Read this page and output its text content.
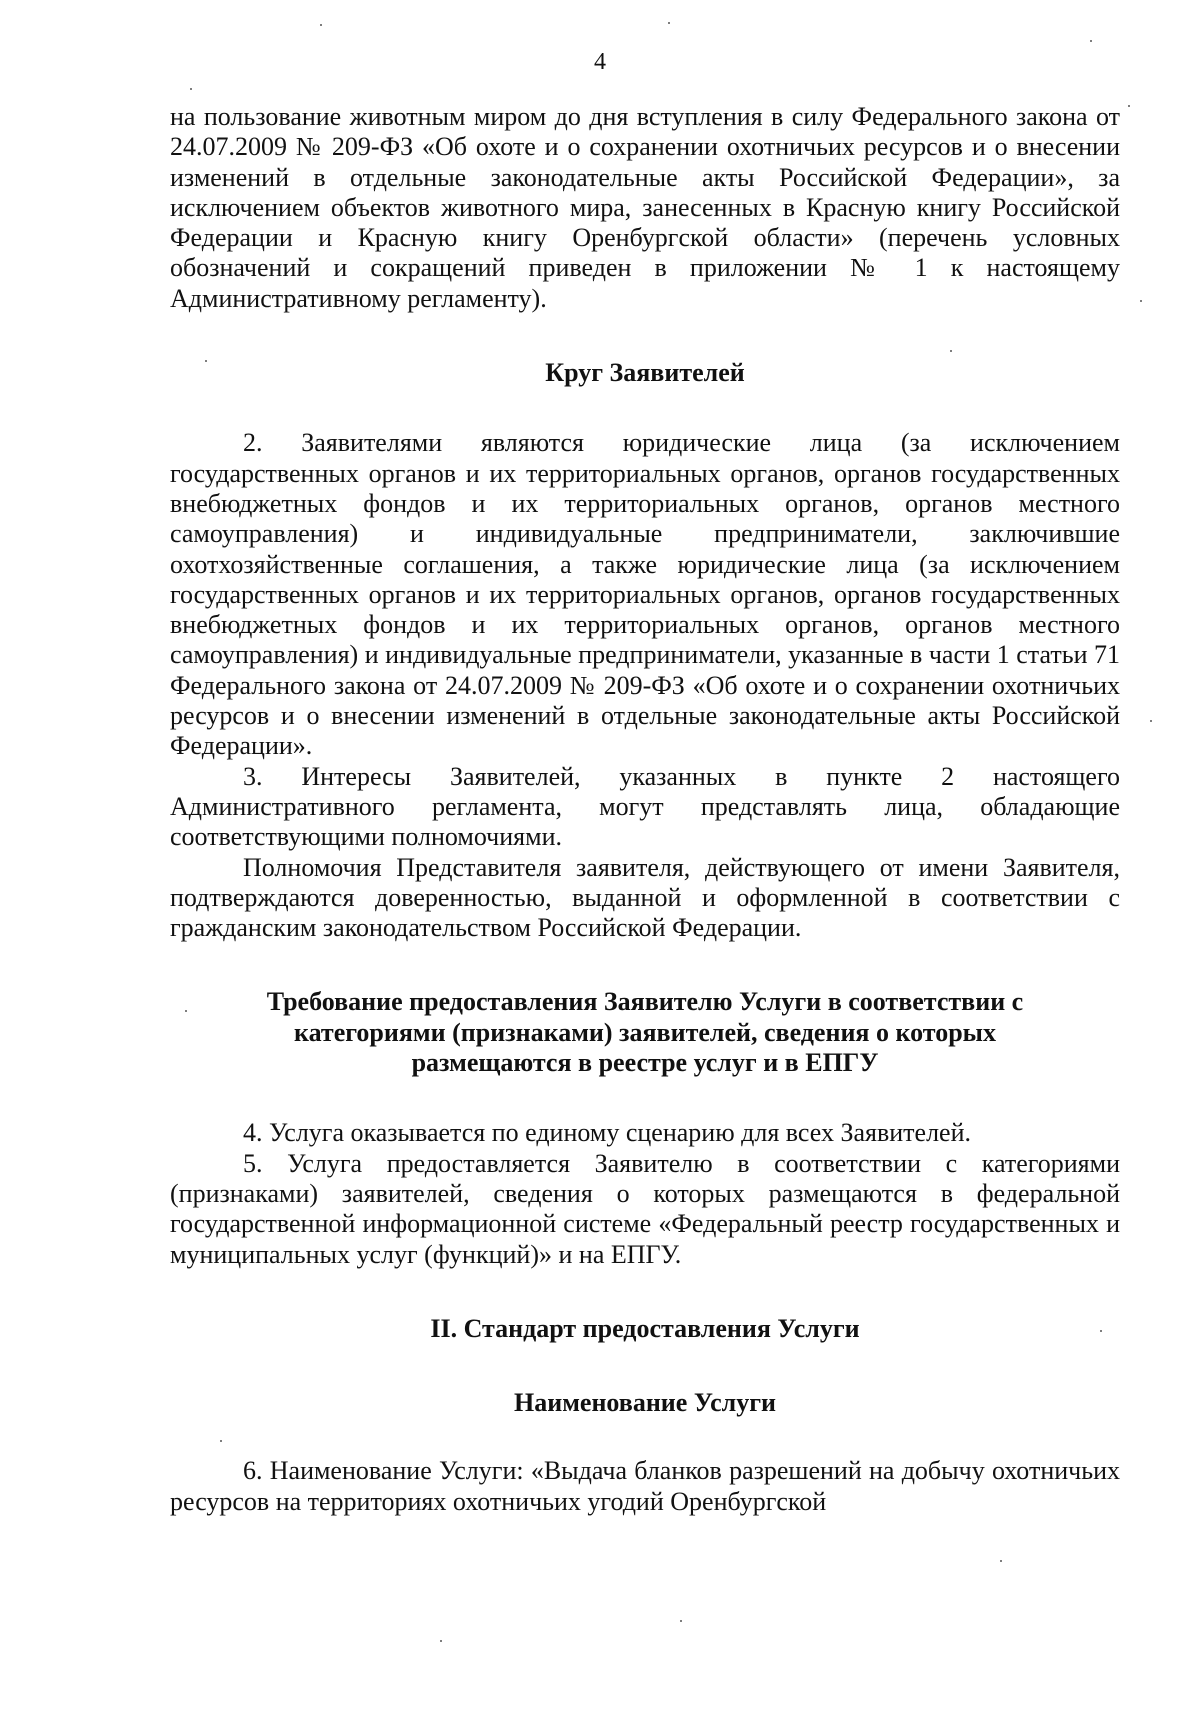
4

на пользование животным миром до дня вступления в силу Федерального закона от 24.07.2009 № 209-ФЗ «Об охоте и о сохранении охотничьих ресурсов и о внесении изменений в отдельные законодательные акты Российской Федерации», за исключением объектов животного мира, занесенных в Красную книгу Российской Федерации и Красную книгу Оренбургской области» (перечень условных обозначений и сокращений приведен в приложении № 1 к настоящему Административному регламенту).

Круг Заявителей

2. Заявителями являются юридические лица (за исключением государственных органов и их территориальных органов, органов государственных внебюджетных фондов и их территориальных органов, органов местного самоуправления) и индивидуальные предприниматели, заключившие охотхозяйственные соглашения, а также юридические лица (за исключением государственных органов и их территориальных органов, органов государственных внебюджетных фондов и их территориальных органов, органов местного самоуправления) и индивидуальные предприниматели, указанные в части 1 статьи 71 Федерального закона от 24.07.2009 № 209-ФЗ «Об охоте и о сохранении охотничьих ресурсов и о внесении изменений в отдельные законодательные акты Российской Федерации».

3. Интересы Заявителей, указанных в пункте 2 настоящего Административного регламента, могут представлять лица, обладающие соответствующими полномочиями.

Полномочия Представителя заявителя, действующего от имени Заявителя, подтверждаются доверенностью, выданной и оформленной в соответствии с гражданским законодательством Российской Федерации.

Требование предоставления Заявителю Услуги в соответствии с
категориями (признаками) заявителей, сведения о которых
размещаются в реестре услуг и в ЕПГУ

4. Услуга оказывается по единому сценарию для всех Заявителей.

5. Услуга предоставляется Заявителю в соответствии с категориями (признаками) заявителей, сведения о которых размещаются в федеральной государственной информационной системе «Федеральный реестр государственных и муниципальных услуг (функций)» и на ЕПГУ.

II. Стандарт предоставления Услуги

Наименование Услуги

6. Наименование Услуги: «Выдача бланков разрешений на добычу охотничьих ресурсов на территориях охотничьих угодий Оренбургской
